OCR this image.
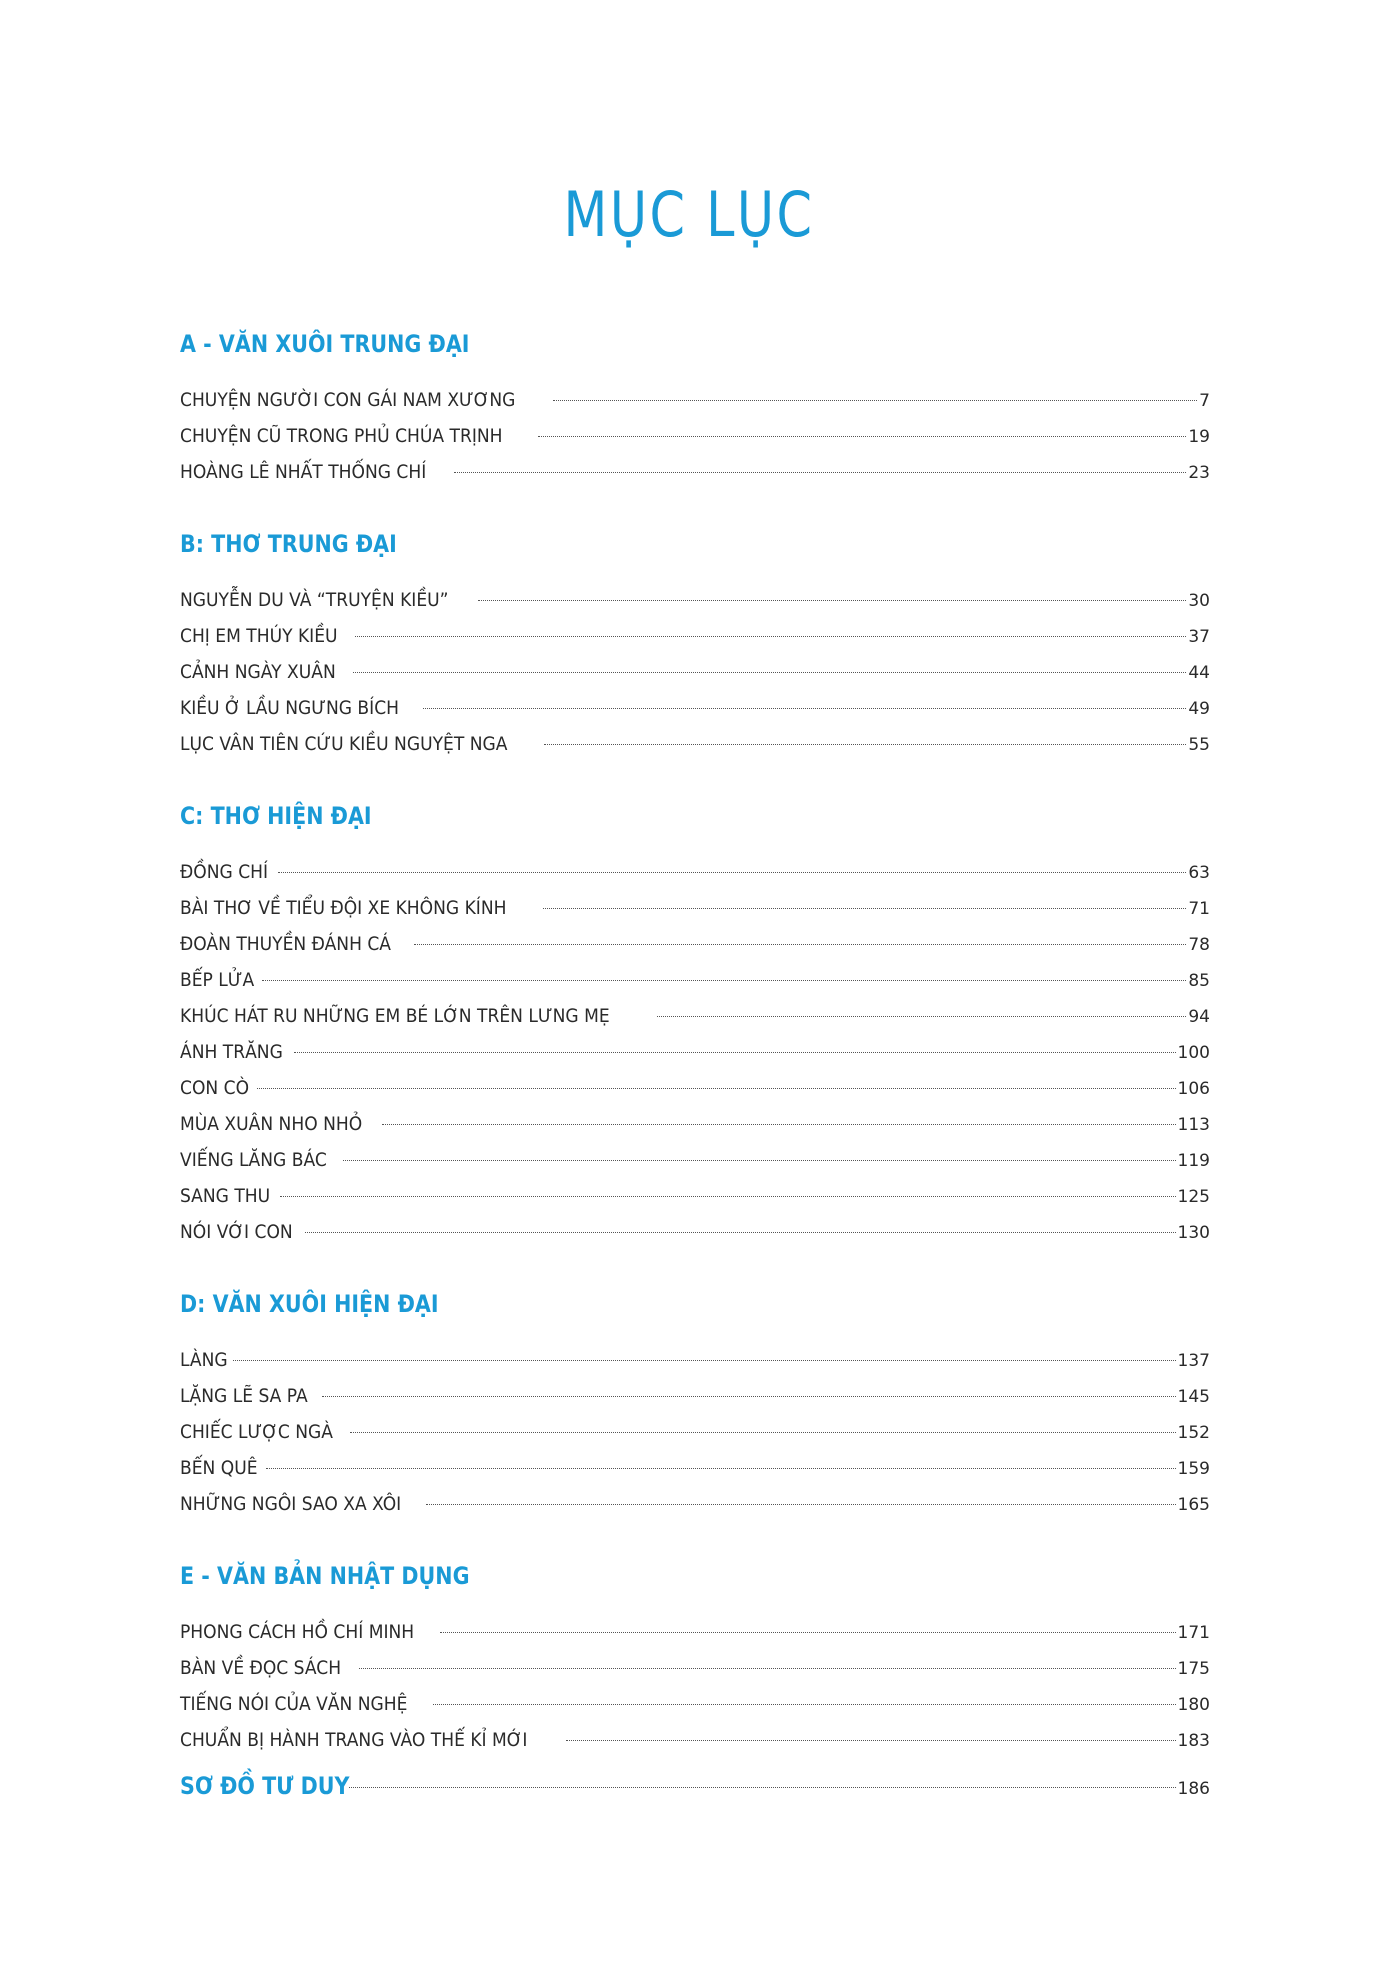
MỤC LỤC
A - VĂN XUÔI TRUNG ĐẠI
CHUYỆN NGƯỜI CON GÁI NAM XƯƠNG	7
CHUYỆN CŨ TRONG PHỦ CHÚA TRỊNH	19
HOÀNG LÊ NHẤT THỐNG CHÍ	23
B: THƠ TRUNG ĐẠI
NGUYỄN DU VÀ “TRUYỆN KIỀU”	30
CHỊ EM THÚY KIỀU	37
CẢNH NGÀY XUÂN	44
KIỀU Ở LẦU NGƯNG BÍCH	49
LỤC VÂN TIÊN CỨU KIỀU NGUYỆT NGA	55
C: THƠ HIỆN ĐẠI
ĐỒNG CHÍ	63
BÀI THƠ VỀ TIỂU ĐỘI XE KHÔNG KÍNH	71
ĐOÀN THUYỀN ĐÁNH CÁ	78
BẾP LỬA	85
KHÚC HÁT RU NHỮNG EM BÉ LỚN TRÊN LƯNG MẸ	94
ÁNH TRĂNG	100
CON CÒ	106
MÙA XUÂN NHO NHỎ	113
VIẾNG LĂNG BÁC	119
SANG THU	125
NÓI VỚI CON	130
D: VĂN XUÔI HIỆN ĐẠI
LÀNG	137
LẶNG LẼ SA PA	145
CHIẾC LƯỢC NGÀ	152
BẾN QUÊ	159
NHỮNG NGÔI SAO XA XÔI	165
E - VĂN BẢN NHẬT DỤNG
PHONG CÁCH HỒ CHÍ MINH	171
BÀN VỀ ĐỌC SÁCH	175
TIẾNG NÓI CỦA VĂN NGHỆ	180
CHUẨN BỊ HÀNH TRANG VÀO THẾ KỈ MỚI	183
SƠ ĐỒ TƯ DUY	186
